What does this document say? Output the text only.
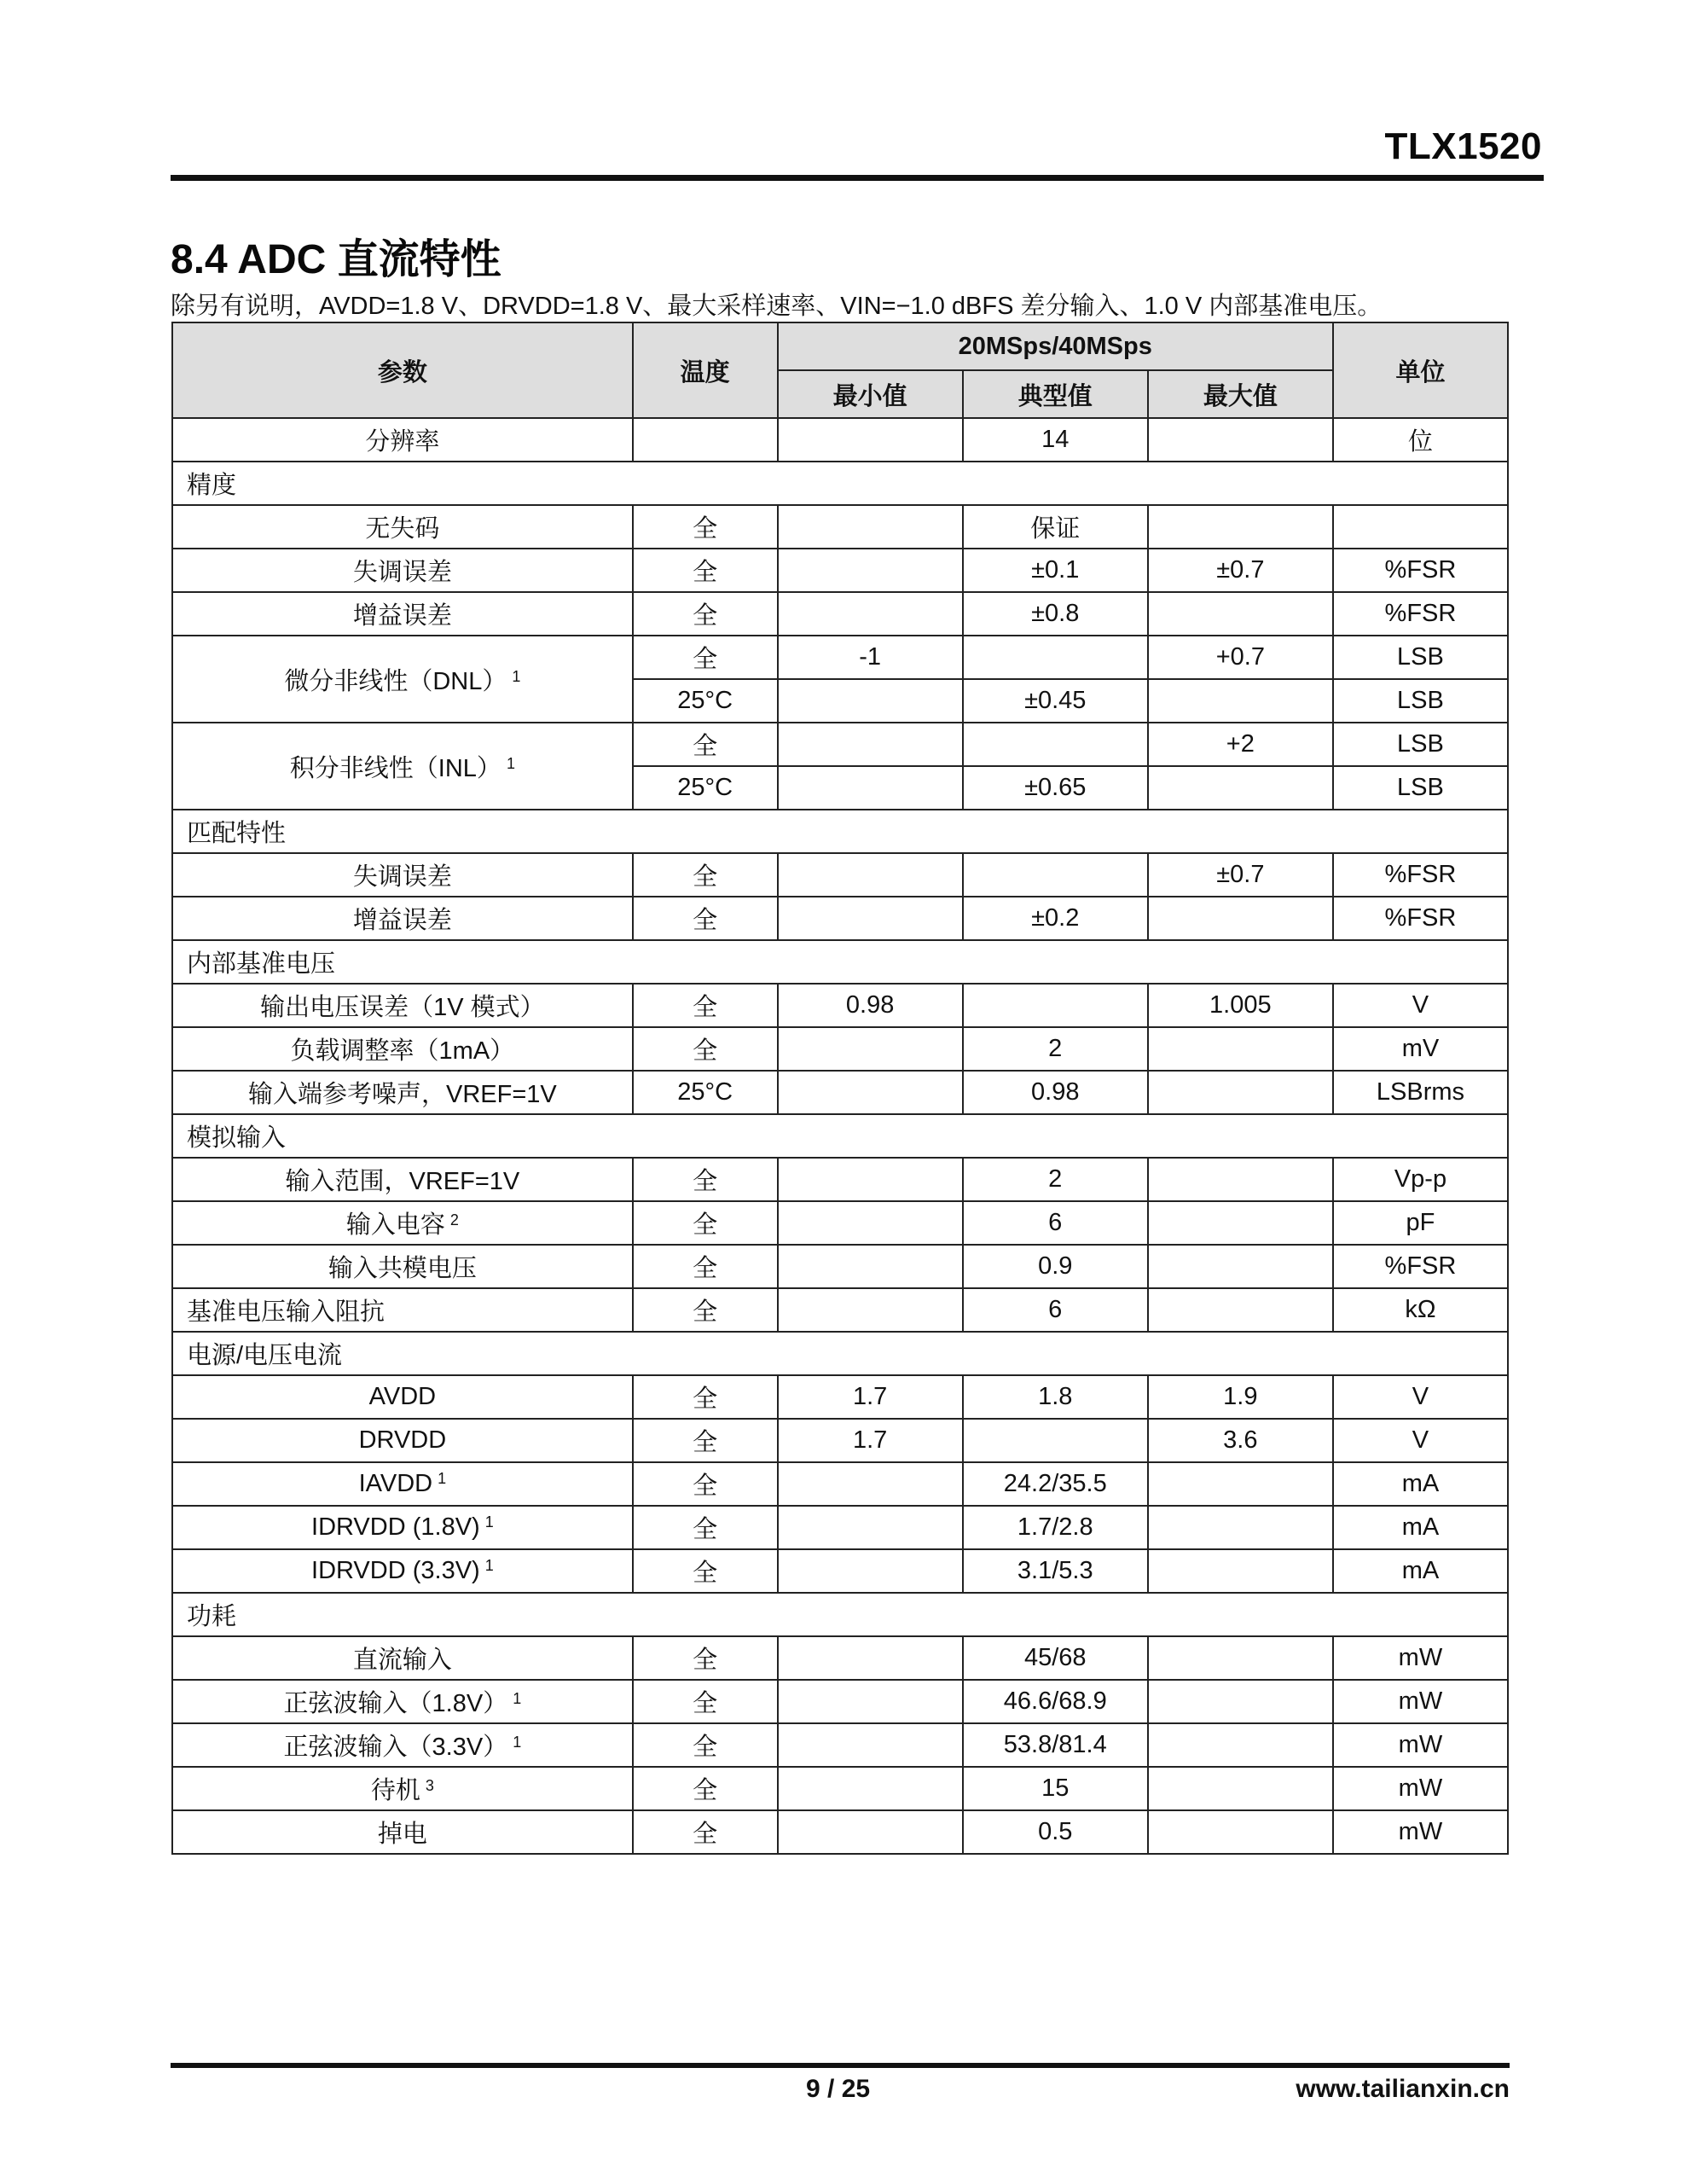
TLX1520
8.4 ADC 直流特性
除另有说明，AVDD=1.8 V、DRVDD=1.8 V、最大采样速率、VIN=−1.0 dBFS 差分输入、1.0 V 内部基准电压。
参数	温度	20MSps/40MSps			单位
		最小值	典型值	最大值	
分辨率			14		位
精度					
无失码	全		保证		
失调误差	全		±0.1	±0.7	%FSR
增益误差	全		±0.8		%FSR
微分非线性（DNL） $^1$	全	-1		+0.7	LSB
	25°C		±0.45		LSB
积分非线性（INL） $^1$	全			+2	LSB
	25°C		±0.65		LSB
匹配特性					
失调误差	全			±0.7	%FSR
增益误差	全		±0.2		%FSR
内部基准电压					
输出电压误差（1V 模式）	全	0.98		1.005	V
负载调整率（1mA）	全		2		mV
输入端参考噪声，VREF=1V	25°C		0.98		LSBrms
模拟输入					
输入范围，VREF=1V	全		2		Vp-p
输入电容 $^2$	全		6		pF
输入共模电压	全		0.9		%FSR
基准电压输入阻抗	全		6		kΩ
电源/电压电流					
AVDD	全	1.7	1.8	1.9	V
DRVDD	全	1.7		3.6	V
IAVDD $^1$	全		24.2/35.5		mA
IDRVDD (1.8V) $^1$	全		1.7/2.8		mA
IDRVDD (3.3V) $^1$	全		3.1/5.3		mA
功耗					
直流输入	全		45/68		mW
正弦波输入（1.8V） $^1$	全		46.6/68.9		mW
正弦波输入（3.3V） $^1$	全		53.8/81.4		mW
待机 $^3$	全		15		mW
掉电	全		0.5		mW
9 / 25	www.tailianxin.cn
